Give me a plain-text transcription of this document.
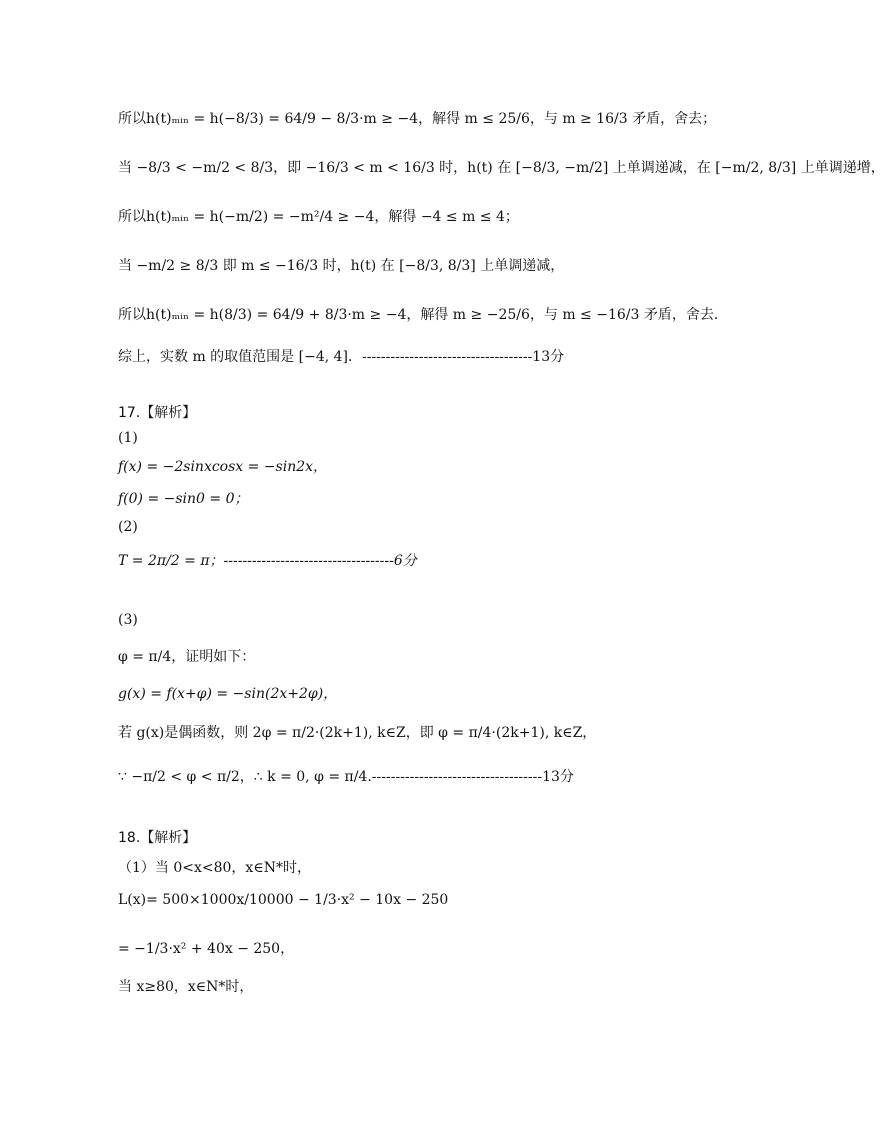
所以h(t)ₘᵢₙ = h(−8/3) = 64/9 − 8/3·m ≥ −4，解得 m ≤ 25/6，与 m ≥ 16/3 矛盾，舍去；
当 −8/3 < −m/2 < 8/3，即 −16/3 < m < 16/3 时，h(t) 在 [−8/3, −m/2] 上单调递减，在 [−m/2, 8/3] 上单调递增，
所以h(t)ₘᵢₙ = h(−m/2) = −m²/4 ≥ −4，解得 −4 ≤ m ≤ 4；
当 −m/2 ≥ 8/3 即 m ≤ −16/3 时，h(t) 在 [−8/3, 8/3] 上单调递减，
所以h(t)ₘᵢₙ = h(8/3) = 64/9 + 8/3·m ≥ −4，解得 m ≥ −25/6，与 m ≤ −16/3 矛盾，舍去.
综上，实数 m 的取值范围是 [−4, 4]．------------------------------------13分
17.【解析】
(1)
f(x) = −2sinxcosx = −sin2x，
f(0) = −sin0 = 0；
(2)
T = 2π/2 = π；------------------------------------6分
(3)
φ = π/4，证明如下：
g(x) = f(x+φ) = −sin(2x+2φ)，
若 g(x)是偶函数，则 2φ = π/2·(2k+1), k∈Z，即 φ = π/4·(2k+1), k∈Z，
∵ −π/2 < φ < π/2，∴ k = 0, φ = π/4.------------------------------------13分
18.【解析】
（1）当 0<x<80，x∈N*时，
L(x)= 500×1000x/10000 − 1/3·x² − 10x − 250
= −1/3·x² + 40x − 250，
当 x≥80，x∈N*时，
